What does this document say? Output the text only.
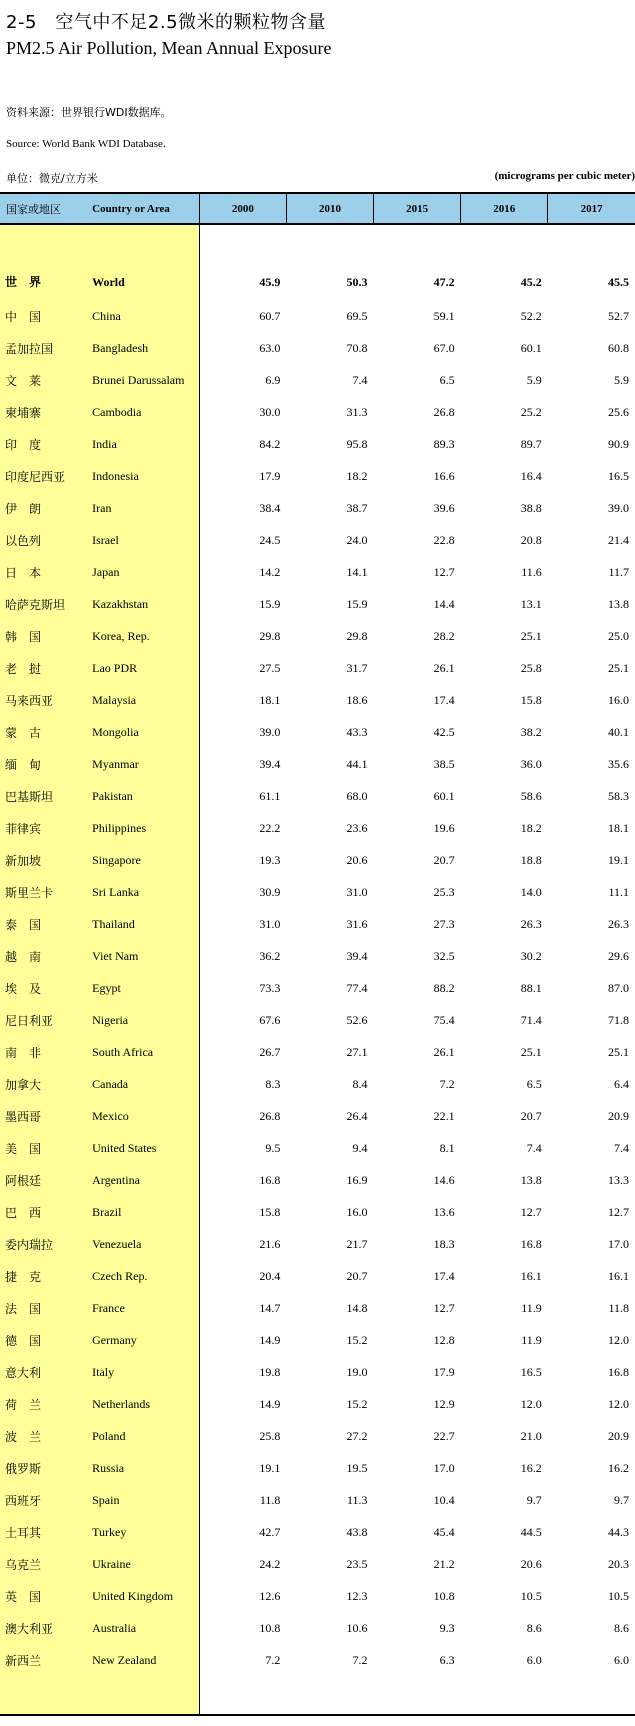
2-5　空气中不足2.5微米的颗粒物含量
PM2.5 Air Pollution, Mean Annual Exposure
资料来源：世界银行WDI数据库。
Source: World Bank WDI Database.
单位：微克/立方米	(micrograms per cubic meter)
国家或地区	Country or Area	2000	2010	2015	2016	2017
世　界	World	45.9	50.3	47.2	45.2	45.5
中　国	China	60.7	69.5	59.1	52.2	52.7
孟加拉国	Bangladesh	63.0	70.8	67.0	60.1	60.8
文　莱	Brunei Darussalam	6.9	7.4	6.5	5.9	5.9
柬埔寨	Cambodia	30.0	31.3	26.8	25.2	25.6
印　度	India	84.2	95.8	89.3	89.7	90.9
印度尼西亚	Indonesia	17.9	18.2	16.6	16.4	16.5
伊　朗	Iran	38.4	38.7	39.6	38.8	39.0
以色列	Israel	24.5	24.0	22.8	20.8	21.4
日　本	Japan	14.2	14.1	12.7	11.6	11.7
哈萨克斯坦	Kazakhstan	15.9	15.9	14.4	13.1	13.8
韩　国	Korea, Rep.	29.8	29.8	28.2	25.1	25.0
老　挝	Lao PDR	27.5	31.7	26.1	25.8	25.1
马来西亚	Malaysia	18.1	18.6	17.4	15.8	16.0
蒙　古	Mongolia	39.0	43.3	42.5	38.2	40.1
缅　甸	Myanmar	39.4	44.1	38.5	36.0	35.6
巴基斯坦	Pakistan	61.1	68.0	60.1	58.6	58.3
菲律宾	Philippines	22.2	23.6	19.6	18.2	18.1
新加坡	Singapore	19.3	20.6	20.7	18.8	19.1
斯里兰卡	Sri Lanka	30.9	31.0	25.3	14.0	11.1
泰　国	Thailand	31.0	31.6	27.3	26.3	26.3
越　南	Viet Nam	36.2	39.4	32.5	30.2	29.6
埃　及	Egypt	73.3	77.4	88.2	88.1	87.0
尼日利亚	Nigeria	67.6	52.6	75.4	71.4	71.8
南　非	South Africa	26.7	27.1	26.1	25.1	25.1
加拿大	Canada	8.3	8.4	7.2	6.5	6.4
墨西哥	Mexico	26.8	26.4	22.1	20.7	20.9
美　国	United States	9.5	9.4	8.1	7.4	7.4
阿根廷	Argentina	16.8	16.9	14.6	13.8	13.3
巴　西	Brazil	15.8	16.0	13.6	12.7	12.7
委内瑞拉	Venezuela	21.6	21.7	18.3	16.8	17.0
捷　克	Czech Rep.	20.4	20.7	17.4	16.1	16.1
法　国	France	14.7	14.8	12.7	11.9	11.8
德　国	Germany	14.9	15.2	12.8	11.9	12.0
意大利	Italy	19.8	19.0	17.9	16.5	16.8
荷　兰	Netherlands	14.9	15.2	12.9	12.0	12.0
波　兰	Poland	25.8	27.2	22.7	21.0	20.9
俄罗斯	Russia	19.1	19.5	17.0	16.2	16.2
西班牙	Spain	11.8	11.3	10.4	9.7	9.7
土耳其	Turkey	42.7	43.8	45.4	44.5	44.3
乌克兰	Ukraine	24.2	23.5	21.2	20.6	20.3
英　国	United Kingdom	12.6	12.3	10.8	10.5	10.5
澳大利亚	Australia	10.8	10.6	9.3	8.6	8.6
新西兰	New Zealand	7.2	7.2	6.3	6.0	6.0
